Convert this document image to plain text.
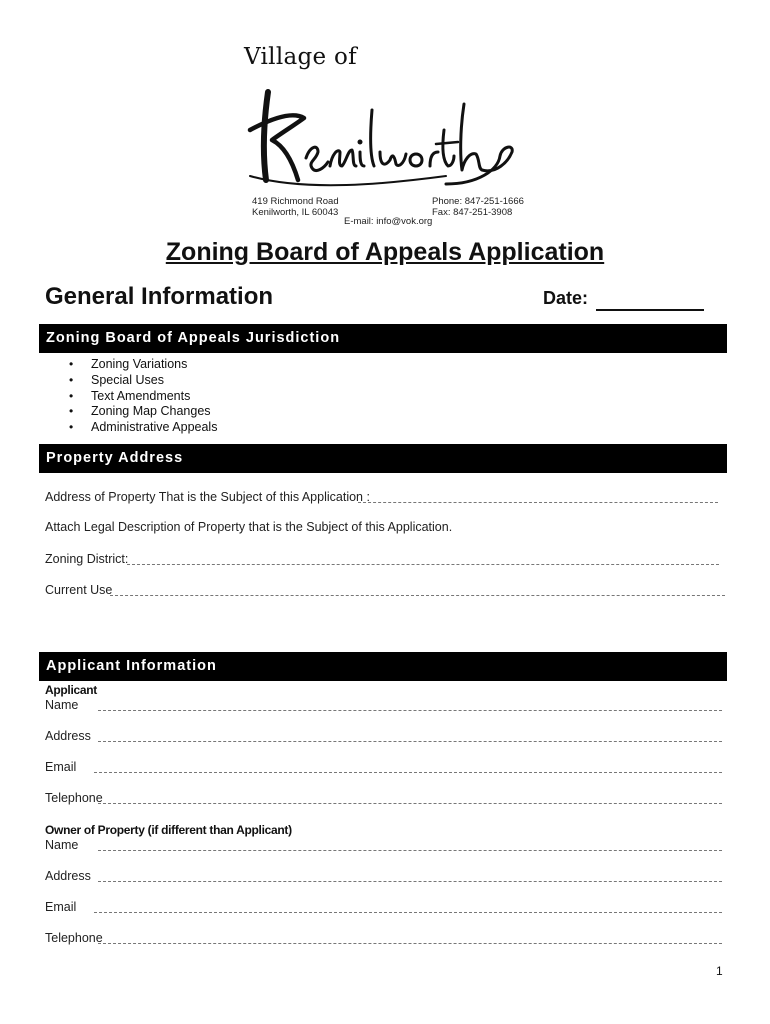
Village of
419 Richmond Road
Kenilworth, IL 60043
Phone: 847-251-1666
Fax: 847-251-3908
E-mail: info@vok.org
Zoning Board of Appeals Application
General Information	Date:
Zoning Board of Appeals Jurisdiction
• Zoning Variations
• Special Uses
• Text Amendments
• Zoning Map Changes
• Administrative Appeals
Property Address
Address of Property That is the Subject of this Application :
Attach Legal Description of Property that is the Subject of this Application.
Zoning District:
Current Use
Applicant Information
Applicant
Name
Address
Email
Telephone
Owner of Property (if different than Applicant)
Name
Address
Email
Telephone
1
